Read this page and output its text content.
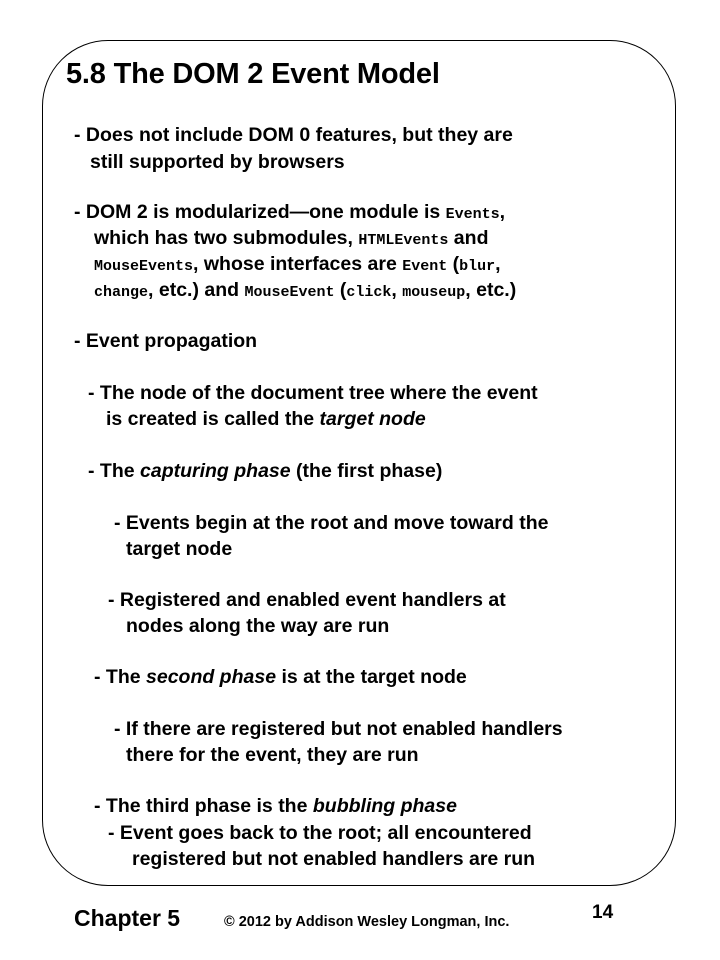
5.8 The DOM 2 Event Model
- Does not include DOM 0 features, but they are
still supported by browsers
- DOM 2 is modularized—one module is Events,
which has two submodules, HTMLEvents and
MouseEvents, whose interfaces are Event (blur,
change, etc.) and MouseEvent (click, mouseup, etc.)
- Event propagation
- The node of the document tree where the event
is created is called the target node
- The capturing phase (the first phase)
- Events begin at the root and move toward the
target node
- Registered and enabled event handlers at
nodes along the way are run
- The second phase is at the target node
- If there are registered but not enabled handlers
there for the event, they are run
- The third phase is the bubbling phase
- Event goes back to the root; all encountered
registered but not enabled handlers are run
Chapter 5	© 2012 by Addison Wesley Longman, Inc.	14
